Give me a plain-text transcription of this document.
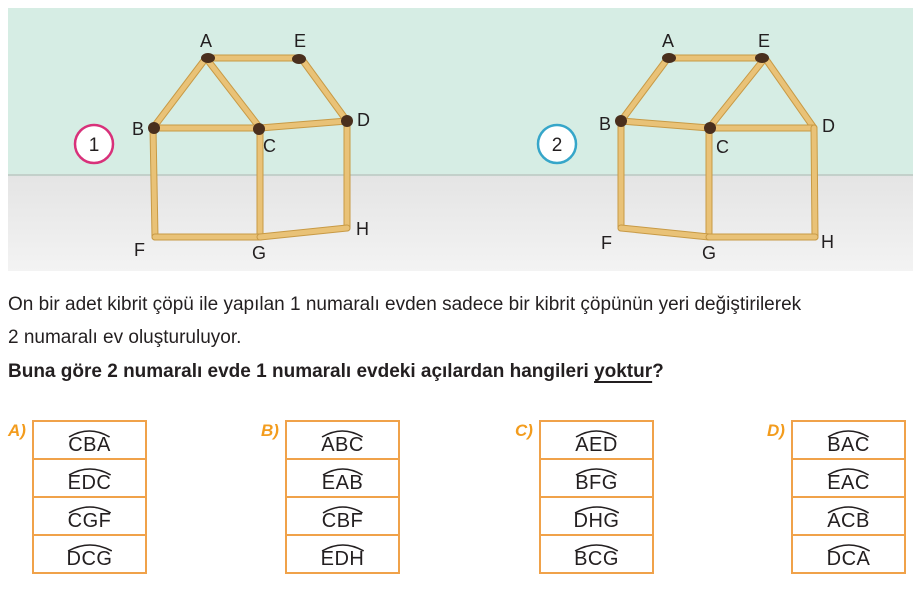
1
A	E
B
C
D
F	G
H
2
A	E
B
C
D
F	G
H
On bir adet kibrit çöpü ile yapılan 1 numaralı evden sadece bir kibrit çöpünün yeri değiştirilerek
2 numaralı ev oluşturuluyor.
Buna göre 2 numaralı evde 1 numaralı evdeki açılardan hangileri yoktur?
A)
CBA

EDC

CGF

DCG
B)
ABC

EAB

CBF

EDH
C)
AED

BFG

DHG

BCG
D)
BAC

EAC

ACB

DCA
